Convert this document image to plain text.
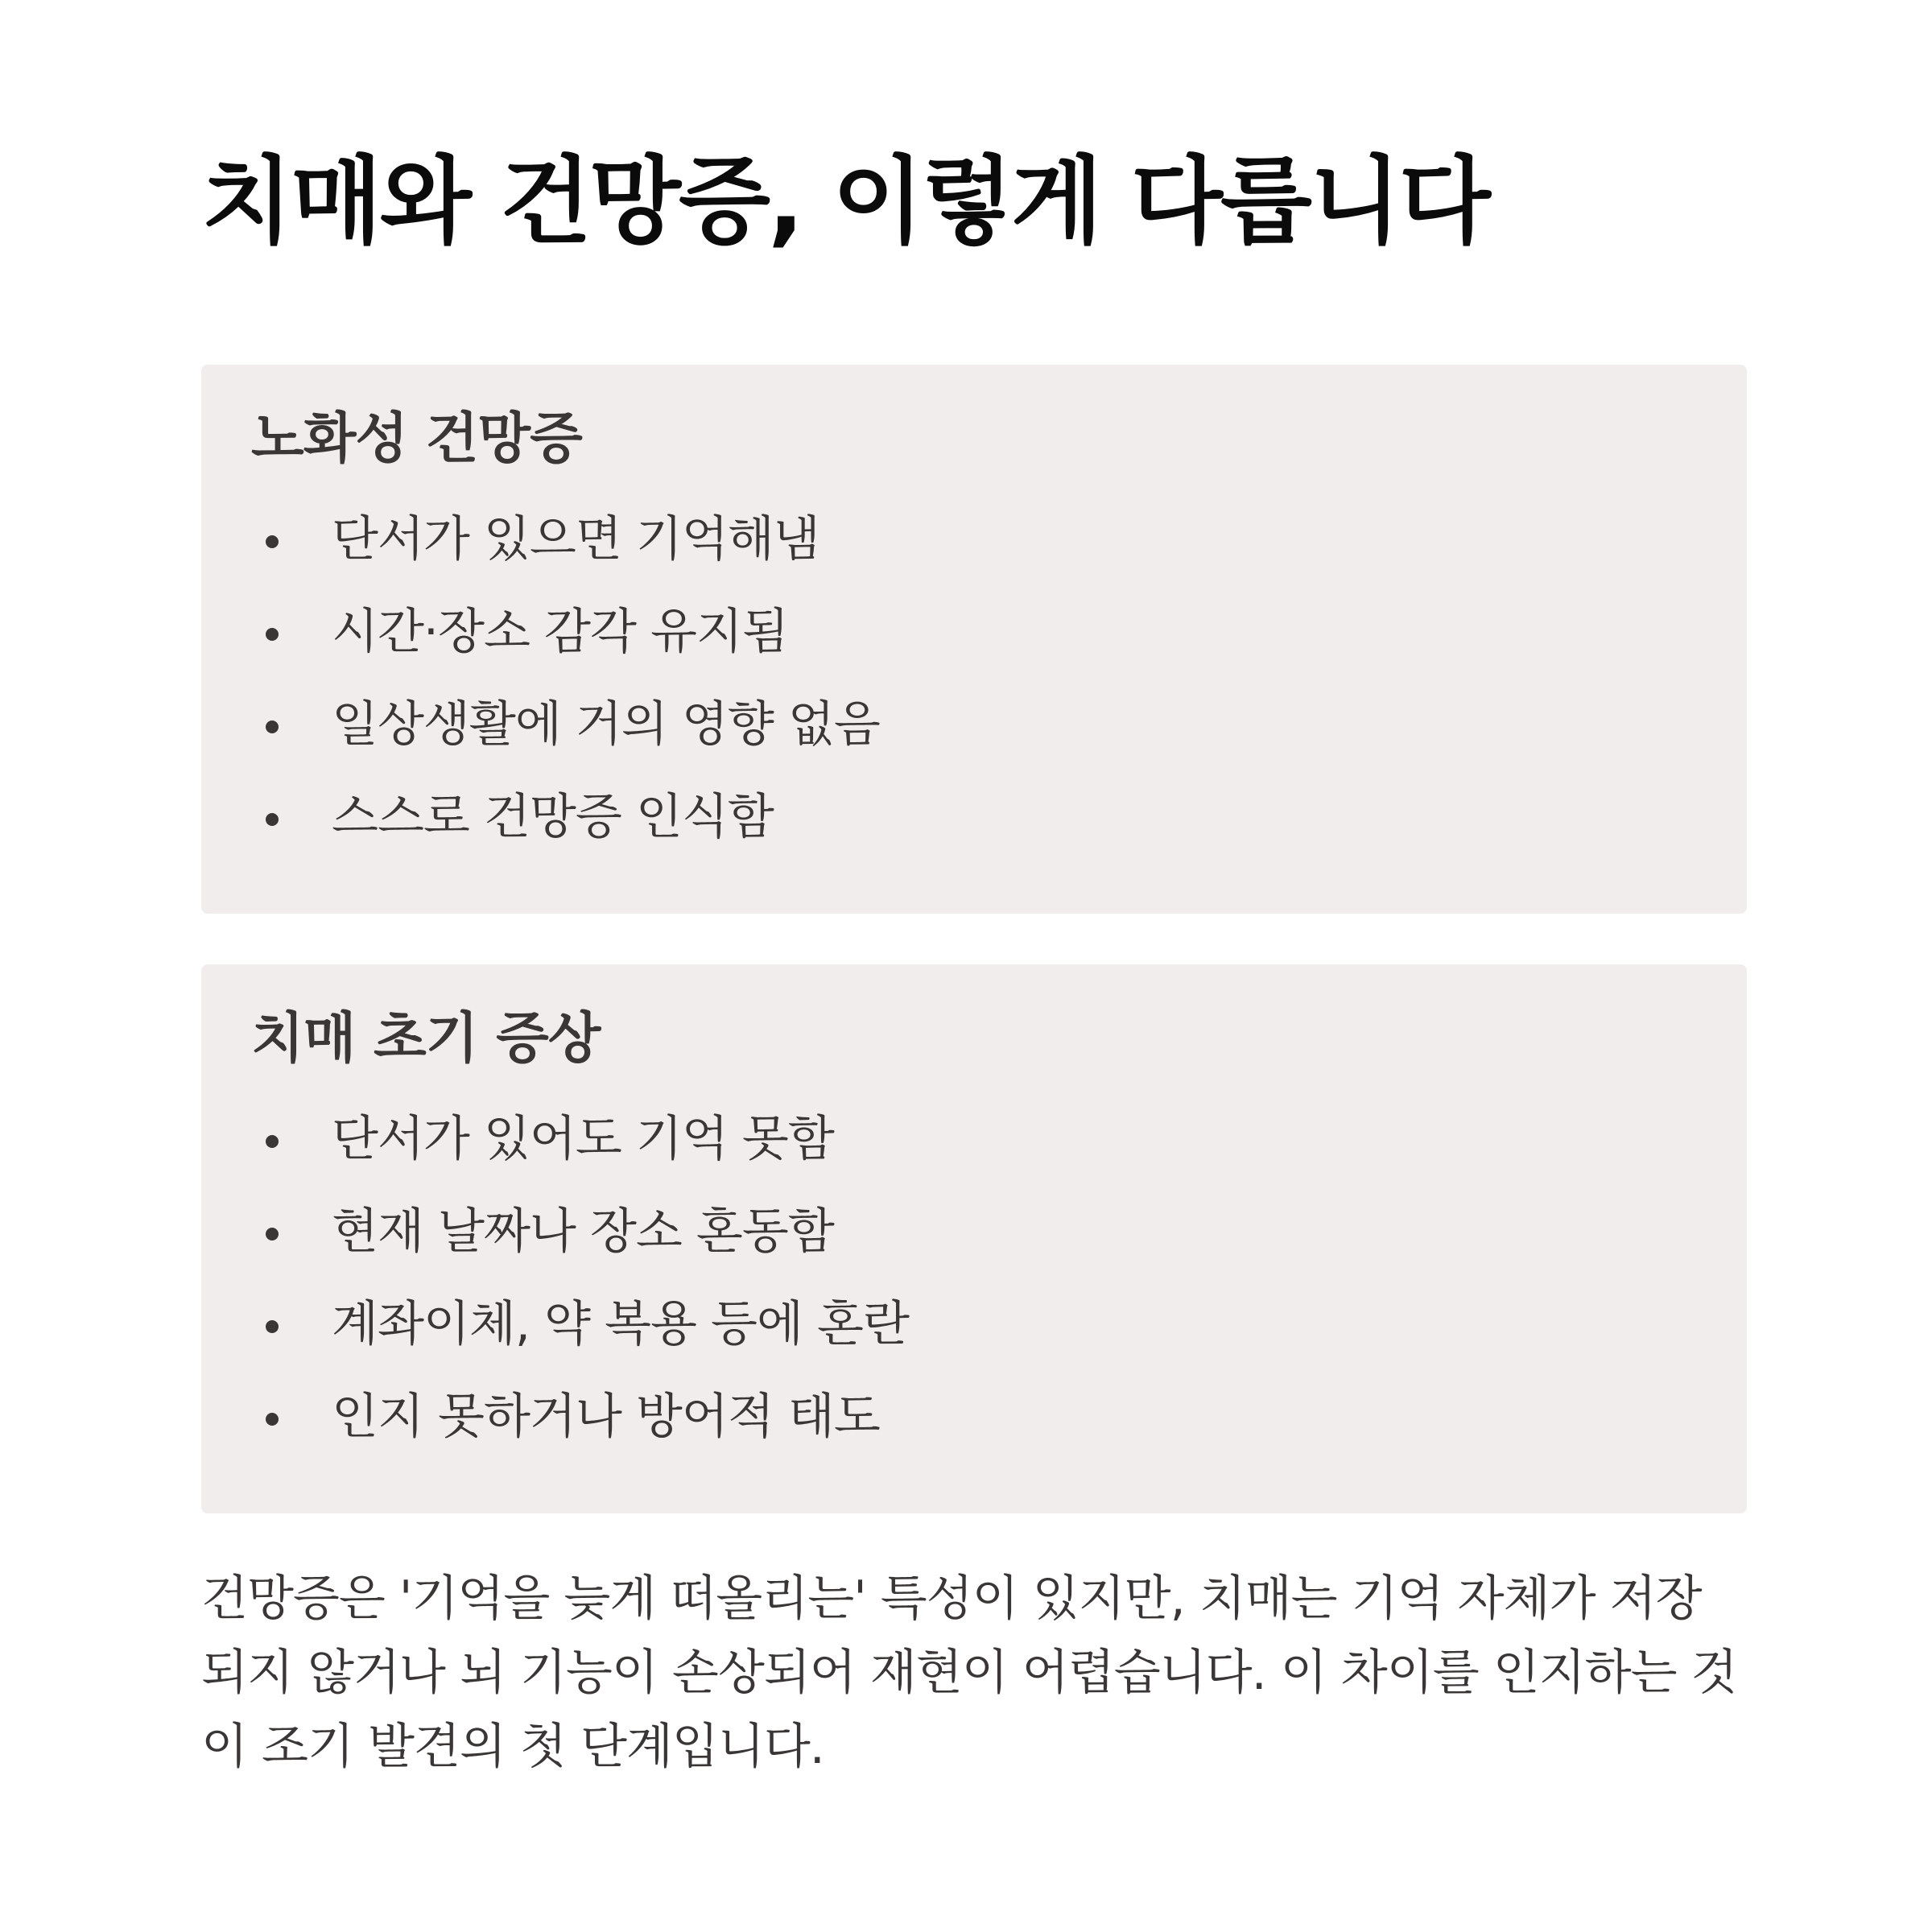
치매와 건망증, 이렇게 다릅니다
노화성 건망증
단서가 있으면 기억해냄
시간·장소 감각 유지됨
일상생활에 거의 영향 없음
스스로 건망증 인식함
치매 초기 증상
단서가 있어도 기억 못함
현재 날짜나 장소 혼동함
계좌이체, 약 복용 등에 혼란
인지 못하거나 방어적 태도

건망증은 '기억을 늦게 떠올리는' 특성이 있지만, 치매는 기억 자체가 저장되지 않거나 뇌 기능이 손상되어 재현이 어렵습니다. 이 차이를 인지하는 것이 조기 발견의 첫 단계입니다.
